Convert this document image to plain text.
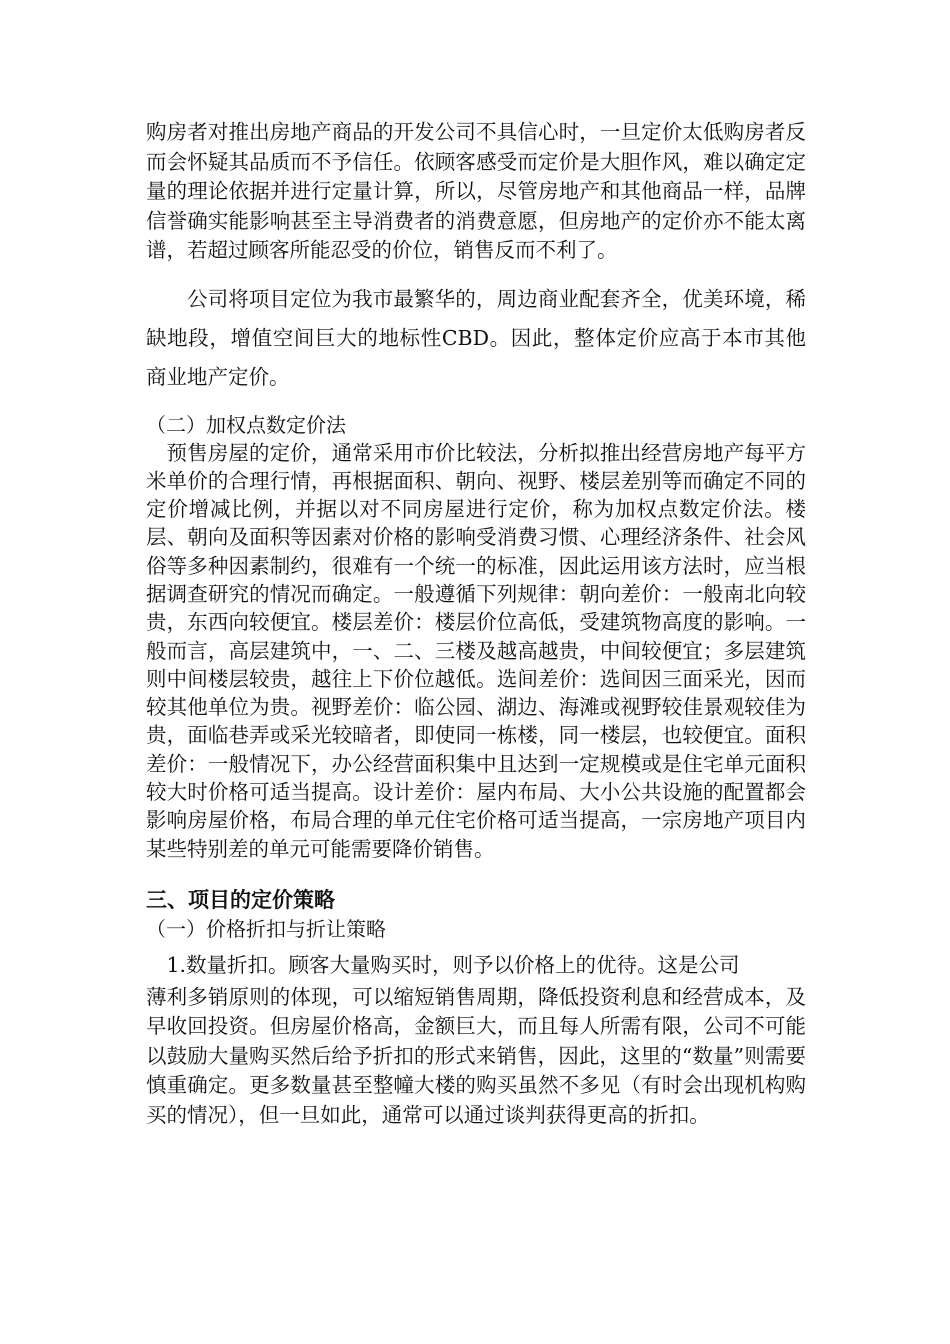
购房者对推出房地产商品的开发公司不具信心时，一旦定价太低购房者反而会怀疑其品质而不予信任。依顾客感受而定价是大胆作风，难以确定定量的理论依据并进行定量计算，所以，尽管房地产和其他商品一样，品牌信誉确实能影响甚至主导消费者的消费意愿，但房地产的定价亦不能太离谱，若超过顾客所能忍受的价位，销售反而不利了。

公司将项目定位为我市最繁华的，周边商业配套齐全，优美环境，稀缺地段，增值空间巨大的地标性CBD。因此，整体定价应高于本市其他商业地产定价。

（二）加权点数定价法

预售房屋的定价，通常采用市价比较法，分析拟推出经营房地产每平方米单价的合理行情，再根据面积、朝向、视野、楼层差别等而确定不同的定价增减比例，并据以对不同房屋进行定价，称为加权点数定价法。楼层、朝向及面积等因素对价格的影响受消费习惯、心理经济条件、社会风俗等多种因素制约，很难有一个统一的标准，因此运用该方法时，应当根据调查研究的情况而确定。一般遵循下列规律：朝向差价：一般南北向较贵，东西向较便宜。楼层差价：楼层价位高低，受建筑物高度的影响。一般而言，高层建筑中，一、二、三楼及越高越贵，中间较便宜；多层建筑则中间楼层较贵，越往上下价位越低。选间差价：选间因三面采光，因而较其他单位为贵。视野差价：临公园、湖边、海滩或视野较佳景观较佳为贵，面临巷弄或采光较暗者，即使同一栋楼，同一楼层，也较便宜。面积差价：一般情况下，办公经营面积集中且达到一定规模或是住宅单元面积较大时价格可适当提高。设计差价：屋内布局、大小公共设施的配置都会影响房屋价格，布局合理的单元住宅价格可适当提高，一宗房地产项目内某些特别差的单元可能需要降价销售。

三、项目的定价策略
（一）价格折扣与折让策略

1.数量折扣。顾客大量购买时，则予以价格上的优待。这是公司

薄利多销原则的体现，可以缩短销售周期，降低投资利息和经营成本，及早收回投资。但房屋价格高，金额巨大，而且每人所需有限，公司不可能以鼓励大量购买然后给予折扣的形式来销售，因此，这里的“数量”则需要慎重确定。更多数量甚至整幢大楼的购买虽然不多见（有时会出现机构购买的情况），但一旦如此，通常可以通过谈判获得更高的折扣。
